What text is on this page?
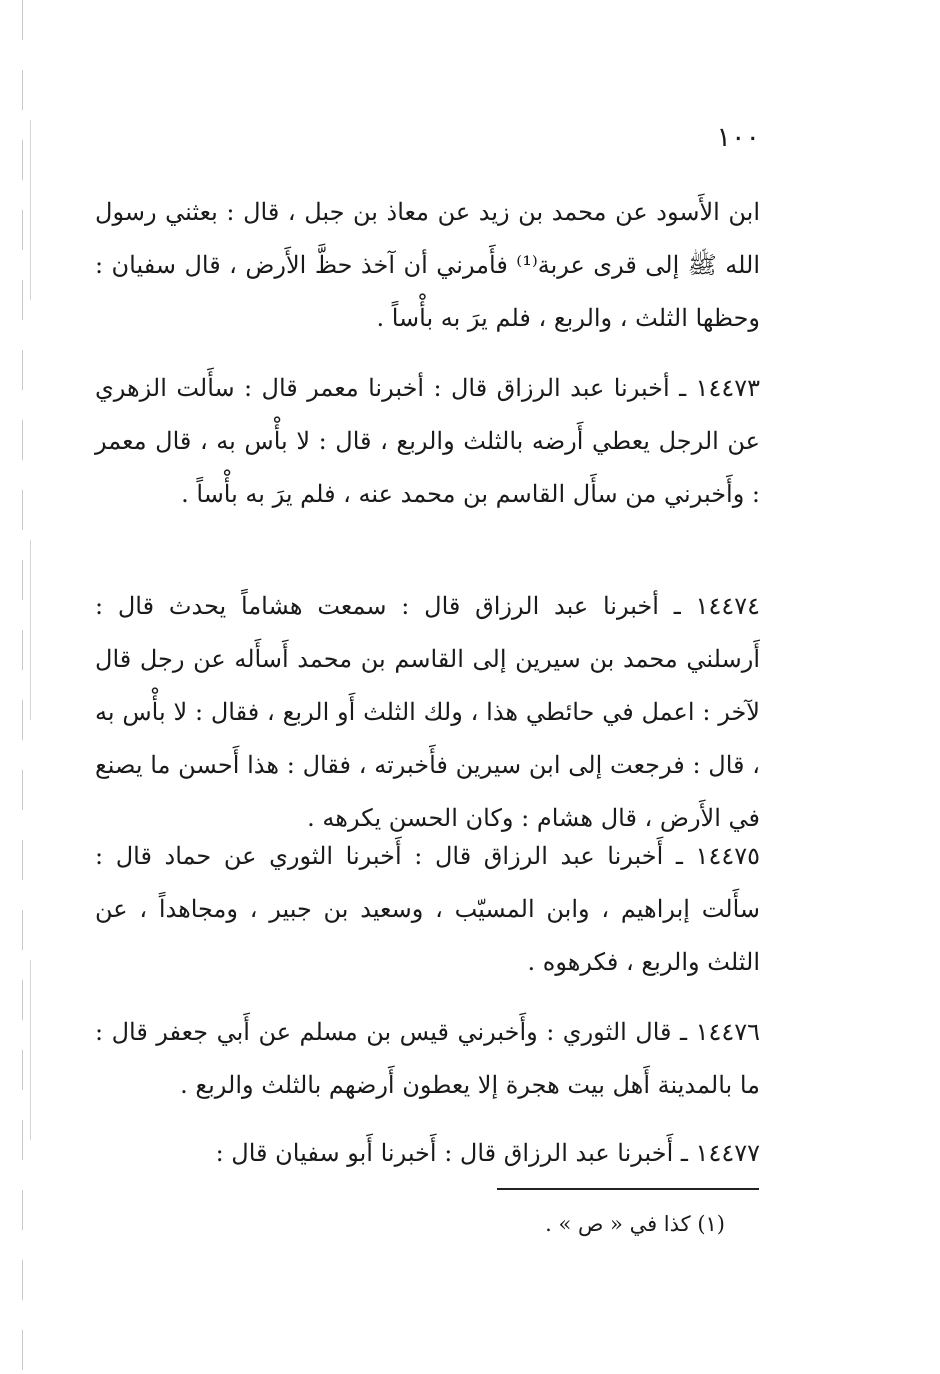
١٠٠

ابن الأَسود عن محمد بن زيد عن معاذ بن جبل ، قال : بعثني رسول الله ﷺ إلى قرى عربة⁽¹⁾ فأَمرني أن آخذ حظَّ الأَرض ، قال سفيان : وحظها الثلث ، والربع ، فلم يرَ به بأْساً .

١٤٤٧٣ ـ أخبرنا عبد الرزاق قال : أخبرنا معمر قال : سأَلت الزهري عن الرجل يعطي أَرضه بالثلث والربع ، قال : لا بأْس به ، قال معمر : وأَخبرني من سأَل القاسم بن محمد عنه ، فلم يرَ به بأْساً .

١٤٤٧٤ ـ أخبرنا عبد الرزاق قال : سمعت هشاماً يحدث قال : أَرسلني محمد بن سيرين إلى القاسم بن محمد أَسأَله عن رجل قال لآخر : اعمل في حائطي هذا ، ولك الثلث أَو الربع ، فقال : لا بأْس به ، قال : فرجعت إلى ابن سيرين فأَخبرته ، فقال : هذا أَحسن ما يصنع في الأَرض ، قال هشام : وكان الحسن يكرهه .

١٤٤٧٥ ـ أَخبرنا عبد الرزاق قال : أَخبرنا الثوري عن حماد قال : سأَلت إبراهيم ، وابن المسيّب ، وسعيد بن جبير ، ومجاهداً ، عن الثلث والربع ، فكرهوه .

١٤٤٧٦ ـ قال الثوري : وأَخبرني قيس بن مسلم عن أَبي جعفر قال : ما بالمدينة أَهل بيت هجرة إلا يعطون أَرضهم بالثلث والربع .

١٤٤٧٧ ـ أَخبرنا عبد الرزاق قال : أَخبرنا أَبو سفيان قال :

(١) كذا في « ص » .
